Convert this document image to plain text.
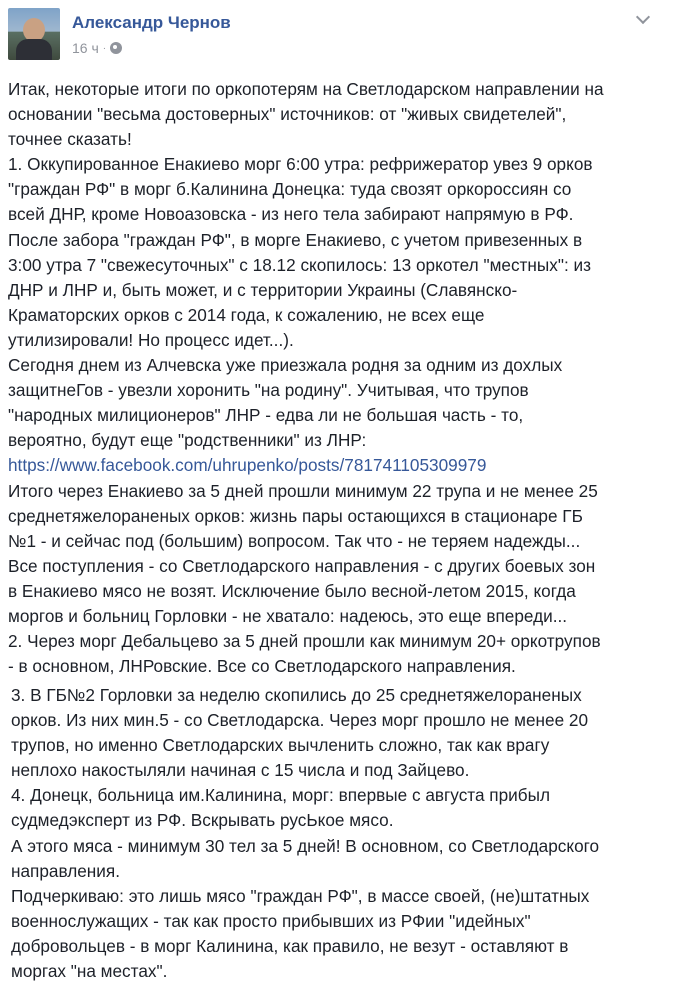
Александр Чернов
16 ч ·
Итак, некоторые итоги по оркопотерям на Светлодарском направлении на
основании "весьма достоверных" источников: от "живых свидетелей",
точнее сказать!
1. Оккупированное Енакиево морг 6:00 утра: рефрижератор увез 9 орков
"граждан РФ" в морг б.Калинина Донецка: туда свозят оркороссиян со
всей ДНР, кроме Новоазовска - из него тела забирают напрямую в РФ.
После забора "граждан РФ", в морге Енакиево, с учетом привезенных в
3:00 утра 7 "свежесуточных" с 18.12 скопилось: 13 оркотел "местных": из
ДНР и ЛНР и, быть может, и с территории Украины (Славянско-
Краматорских орков с 2014 года, к сожалению, не всех еще
утилизировали! Но процесс идет...).
Сегодня днем из Алчевска уже приезжала родня за одним из дохлых
защитнеГов - увезли хоронить "на родину". Учитывая, что трупов
"народных милиционеров" ЛНР - едва ли не большая часть - то,
вероятно, будут еще "родственники" из ЛНР:
https://www.facebook.com/uhrupenko/posts/781741105309979
Итого через Енакиево за 5 дней прошли минимум 22 трупа и не менее 25
среднетяжелораненых орков: жизнь пары остающихся в стационаре ГБ
№1 - и сейчас под (большим) вопросом. Так что - не теряем надежды...
Все поступления - со Светлодарского направления - с других боевых зон
в Енакиево мясо не возят. Исключение было весной-летом 2015, когда
моргов и больниц Горловки - не хватало: надеюсь, это еще впереди...
2. Через морг Дебальцево за 5 дней прошли как минимум 20+ оркотрупов
- в основном, ЛНРовские. Все со Светлодарского направления.
3. В ГБ№2 Горловки за неделю скопились до 25 среднетяжелораненых
орков. Из них мин.5 - со Светлодарска. Через морг прошло не менее 20
трупов, но именно Светлодарских вычленить сложно, так как врагу
неплохо накостыляли начиная с 15 числа и под Зайцево.
4. Донецк, больница им.Калинина, морг: впервые с августа прибыл
судмедэксперт из РФ. Вскрывать русЬкое мясо.
А этого мяса - минимум 30 тел за 5 дней! В основном, со Светлодарского
направления.
Подчеркиваю: это лишь мясо "граждан РФ", в массе своей, (не)штатных
военнослужащих - так как просто прибывших из РФии "идейных"
добровольцев - в морг Калинина, как правило, не везут - оставляют в
моргах "на местах".
